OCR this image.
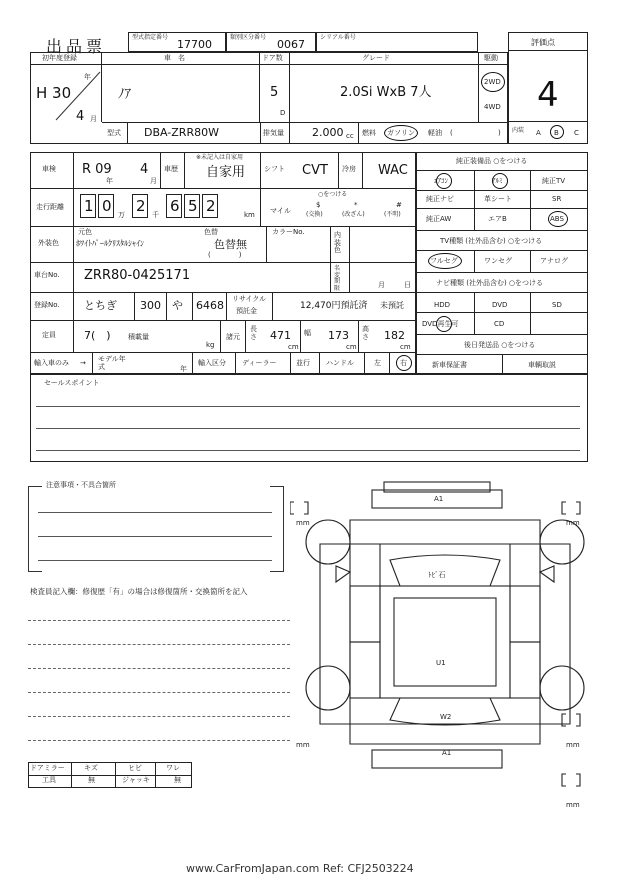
出品票	型式指定番号
17700
類別区分番号
0067
シリアル番号
評価点
4
初年度登録
H 30
年
4 月
車　名
ﾉｱ
ドア数
5
D
グレード
2.0Si WxB 7人
駆動
2WD
4WD
型式 DBA-ZRR80W	排気量	2.000 cc 燃料 ガソリン 軽油 (	) 内装 A B C
車検 R 09
年
4
月
車歴
※未記入は自家用
自家用	シフト CVT 冷房 WAC
走行距離 1 0 万 2 千 6 5 2	km
○をつける
マイル
$
(交換)
*
(改ざん)
#
(不明)
外装色
元色
ﾎﾜｲﾄﾊﾟｰﾙｸﾘｽﾀﾙｼｬｲﾝ
色替
色替無
(　　　　)
カラーNo.	内装色
車台No. ZRR80-0425171	名変期限	月	日
登録No. とちぎ 300 や 6468 リサイクル
預託金	12,470円預託済 未預託
定員	7(　) 積載量
kg
諸元
長さ 471
cm
幅 173
cm
高さ 182
cm
輸入車のみ → モデル年式	年
輸入区分 ディーラー	並行 ハンドル	左	右
純正装備品 ○をつける
ｴｱｺﾝ	ｱﾙﾐ	純正TV
純正ナビ	革シート	SR
純正AW	エアB	ABS
TV種類 (社外品含む) ○をつける
フルセグ	ワンセグ	アナログ
ナビ種類 (社外品含む) ○をつける
HDD	DVD	SD
DVD再生可	CD
後日発送品 ○をつける
新車保証書	車輌取説
セールスポイント
注意事項・不具合箇所
検査員記入欄：修復歴「有」の場合は修復箇所・交換箇所を記入
ドアミラー	キズ	ヒビ	ワレ
工具	無	ジャッキ	無
A1
ﾄﾋﾞ石
U1
W2
A1
mm	mm
mm	mm
mm
www.CarFromJapan.com Ref: CFJ2503224
